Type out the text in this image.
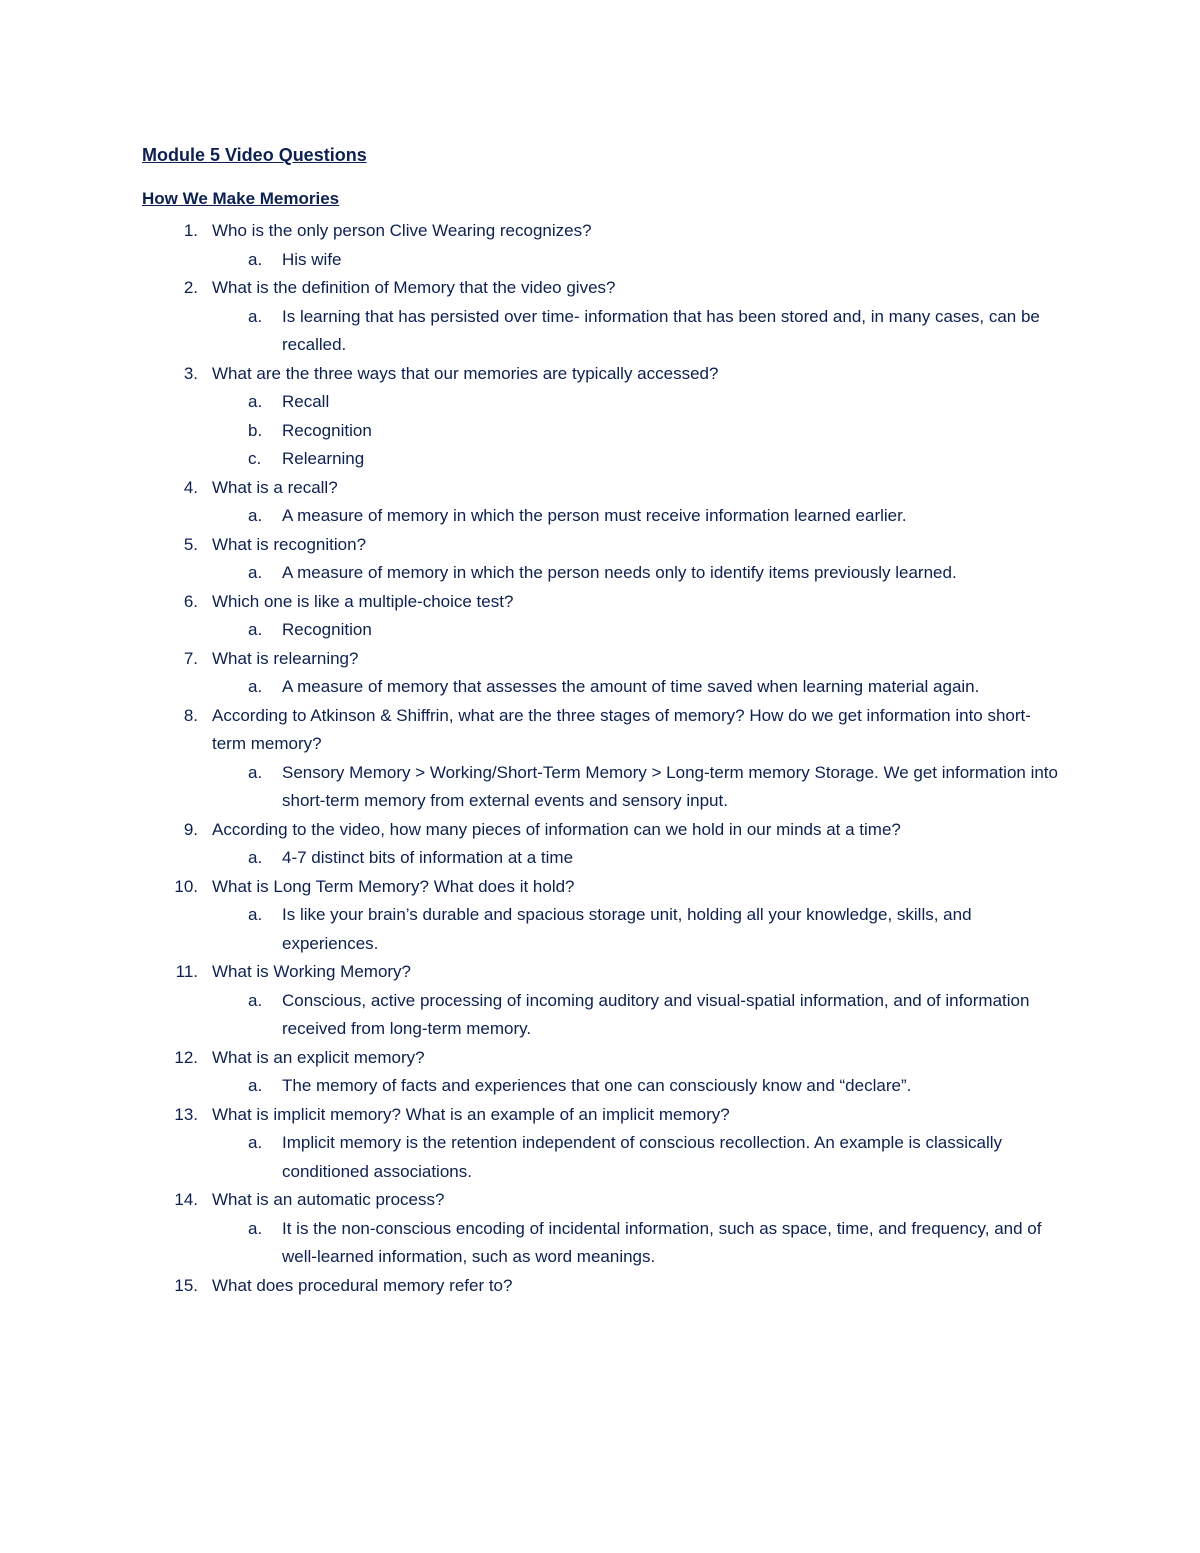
Module 5 Video Questions
How We Make Memories
1. Who is the only person Clive Wearing recognizes?
a. His wife
2. What is the definition of Memory that the video gives?
a. Is learning that has persisted over time- information that has been stored and, in many cases, can be recalled.
3. What are the three ways that our memories are typically accessed?
a. Recall
b. Recognition
c. Relearning
4. What is a recall?
a. A measure of memory in which the person must receive information learned earlier.
5. What is recognition?
a. A measure of memory in which the person needs only to identify items previously learned.
6. Which one is like a multiple-choice test?
a. Recognition
7. What is relearning?
a. A measure of memory that assesses the amount of time saved when learning material again.
8. According to Atkinson & Shiffrin, what are the three stages of memory? How do we get information into short-term memory?
a. Sensory Memory > Working/Short-Term Memory > Long-term memory Storage. We get information into short-term memory from external events and sensory input.
9. According to the video, how many pieces of information can we hold in our minds at a time?
a. 4-7 distinct bits of information at a time
10. What is Long Term Memory? What does it hold?
a. Is like your brain’s durable and spacious storage unit, holding all your knowledge, skills, and experiences.
11. What is Working Memory?
a. Conscious, active processing of incoming auditory and visual-spatial information, and of information received from long-term memory.
12. What is an explicit memory?
a. The memory of facts and experiences that one can consciously know and “declare”.
13. What is implicit memory? What is an example of an implicit memory?
a. Implicit memory is the retention independent of conscious recollection. An example is classically conditioned associations.
14. What is an automatic process?
a. It is the non-conscious encoding of incidental information, such as space, time, and frequency, and of well-learned information, such as word meanings.
15. What does procedural memory refer to?
